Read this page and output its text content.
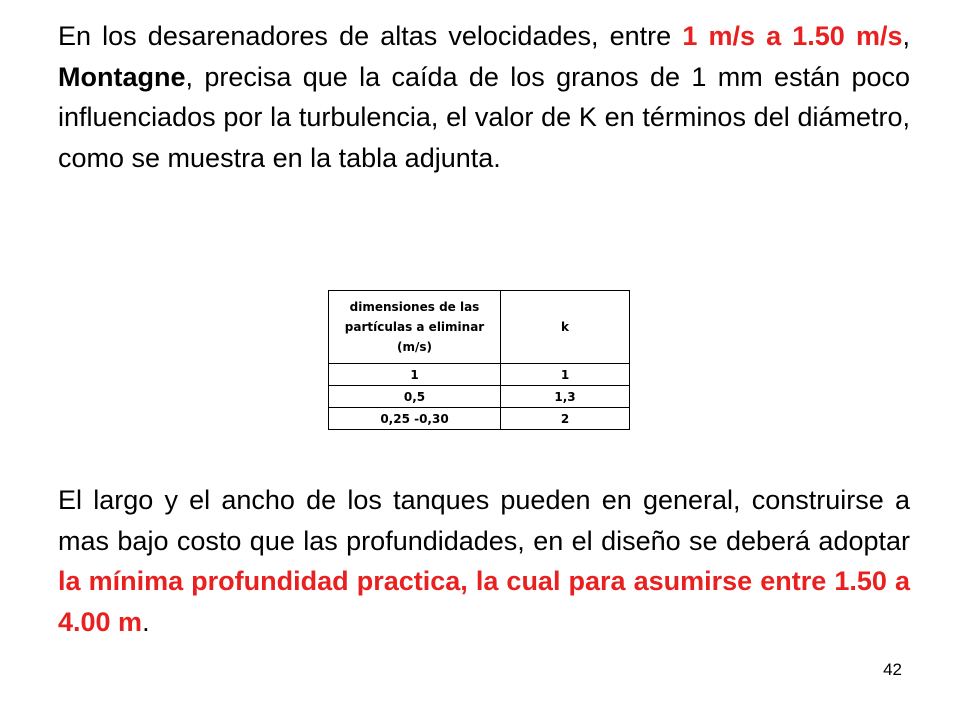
En los desarenadores de altas velocidades, entre 1 m/s a 1.50 m/s, Montagne, precisa que la caída de los granos de 1 mm están poco influenciados por la turbulencia, el valor de K en términos del diámetro, como se muestra en la tabla adjunta.

dimensiones de las partículas a eliminar (m/s)	k
1	1
0,5	1,3
0,25 -0,30	2

El largo y el ancho de los tanques pueden en general, construirse a mas bajo costo que las profundidades, en el diseño se deberá adoptar la mínima profundidad practica, la cual para asumirse entre 1.50 a 4.00 m.

42
